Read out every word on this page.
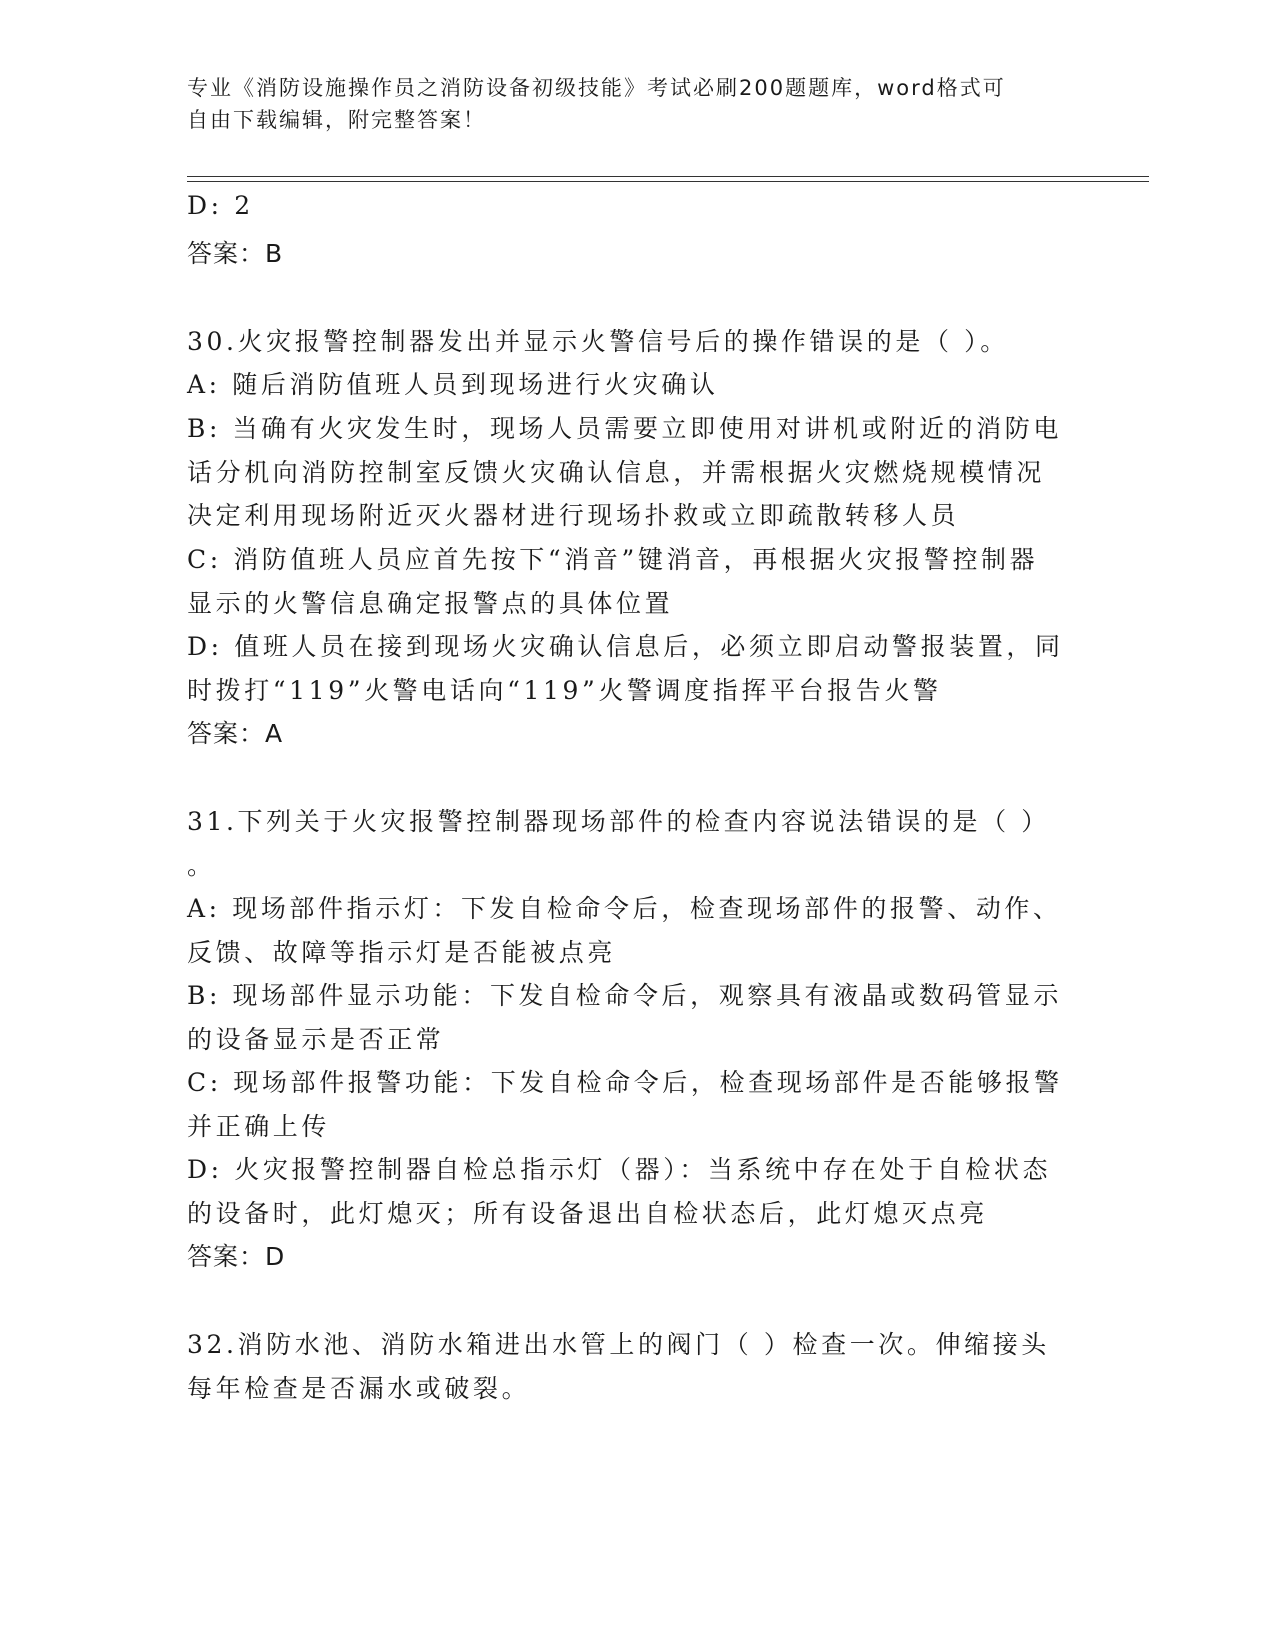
专业《消防设施操作员之消防设备初级技能》考试必刷200题题库，word格式可
自由下载编辑，附完整答案！
D: 2
答案：B
30.火灾报警控制器发出并显示火警信号后的操作错误的是（ ）。
A: 随后消防值班人员到现场进行火灾确认
B: 当确有火灾发生时，现场人员需要立即使用对讲机或附近的消防电
话分机向消防控制室反馈火灾确认信息，并需根据火灾燃烧规模情况
决定利用现场附近灭火器材进行现场扑救或立即疏散转移人员
C: 消防值班人员应首先按下“消音”键消音，再根据火灾报警控制器
显示的火警信息确定报警点的具体位置
D: 值班人员在接到现场火灾确认信息后，必须立即启动警报装置，同
时拨打“119”火警电话向“119”火警调度指挥平台报告火警
答案：A
31.下列关于火灾报警控制器现场部件的检查内容说法错误的是（ ）
。
A: 现场部件指示灯：下发自检命令后，检查现场部件的报警、动作、
反馈、故障等指示灯是否能被点亮
B: 现场部件显示功能：下发自检命令后，观察具有液晶或数码管显示
的设备显示是否正常
C: 现场部件报警功能：下发自检命令后，检查现场部件是否能够报警
并正确上传
D: 火灾报警控制器自检总指示灯（器）：当系统中存在处于自检状态
的设备时，此灯熄灭；所有设备退出自检状态后，此灯熄灭点亮
答案：D
32.消防水池、消防水箱进出水管上的阀门（ ）检查一次。伸缩接头
每年检查是否漏水或破裂。
